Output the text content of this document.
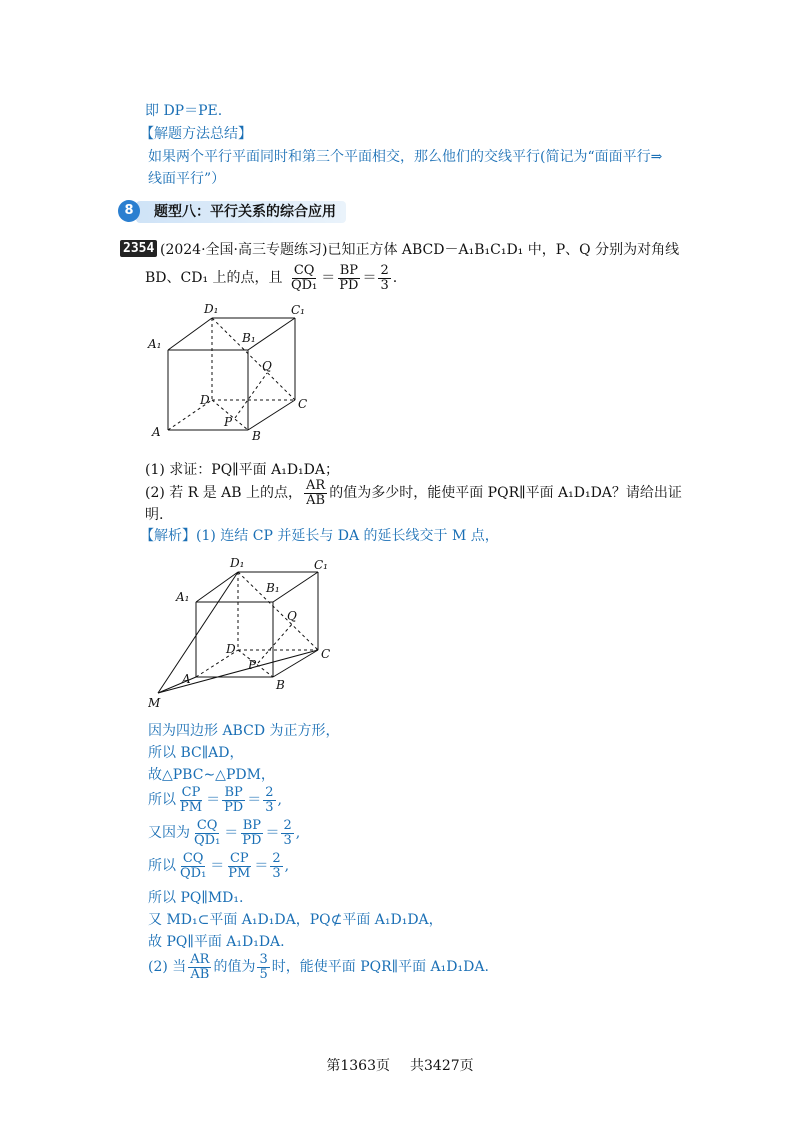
即 DP＝PE.
【解题方法总结】
如果两个平行平面同时和第三个平面相交，那么他们的交线平行(简记为“面面平行⇒
线面平行”）
题型八：平行关系的综合应用
8
2354 (2024·全国·高三专题练习)已知正方体 ABCD－A₁B₁C₁D₁ 中，P、Q 分别为对角线
BD、CD₁ 上的点，且 $\frac{CQ}{\text{QD₁}} = \frac{BP}{PD} = \frac{2}{3}$ .
D₁	C₁
A₁	B₁
Q
D	C
P
A	B
(1) 求证：PQ∥平面 A₁D₁DA；
(2) 若 R 是 AB 上的点， $\frac{AR}{AB}$ 的值为多少时，能使平面 PQR∥平面 A₁D₁DA？请给出证
明.
【解析】(1) 连结 CP 并延长与 DA 的延长线交于 M 点，
D₁	C₁
A₁
B₁
Q
D	C
P
A	B
M
因为四边形 ABCD 为正方形，
所以 BC∥AD，
故△PBC∼△PDM，
所以 $\frac{CP}{PM} = \frac{BP}{PD} = \frac{2}{3}$ ,
又因为 $\frac{CQ}{\text{QD₁}} = \frac{BP}{PD} = \frac{2}{3}$ ,
所以 $\frac{CQ}{\text{QD₁}} = \frac{CP}{PM} = \frac{2}{3}$ ,
所以 PQ∥MD₁.
又 MD₁⊂平面 A₁D₁DA，PQ⊄平面 A₁D₁DA，
故 PQ∥平面 A₁D₁DA.
(2) 当 $\frac{AR}{AB}$ 的值为 $\frac{3}{5}$ 时，能使平面 PQR∥平面 A₁D₁DA.
第1363页 共3427页
